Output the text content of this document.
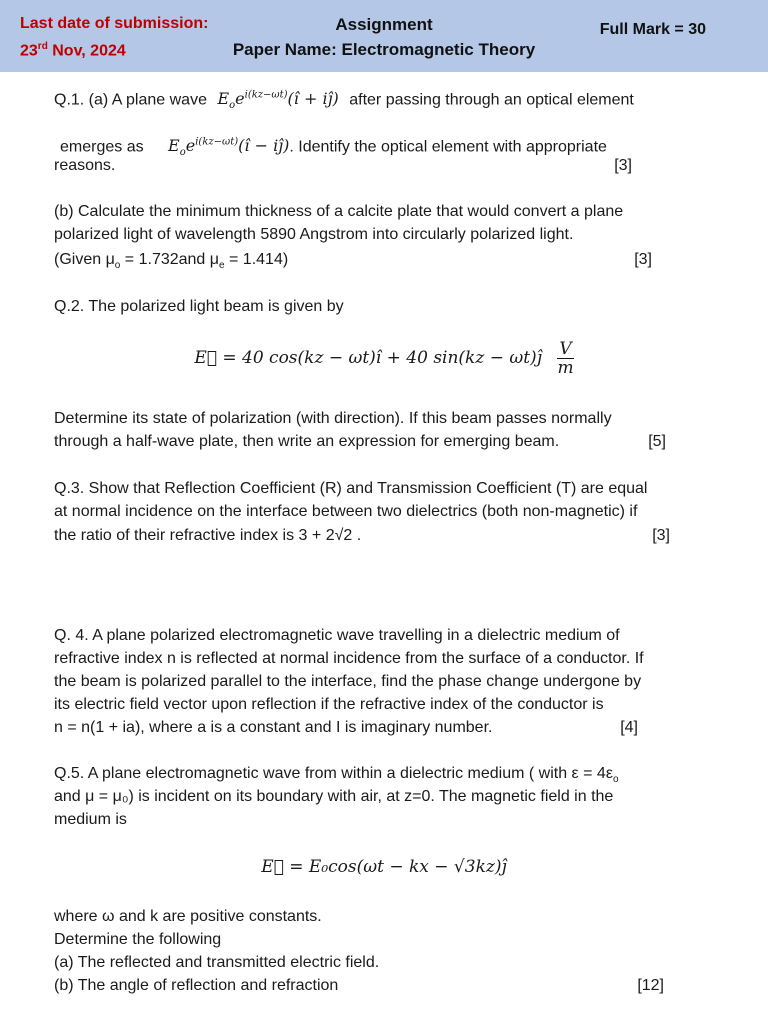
Last date of submission:
23rd Nov, 2024
Assignment
Paper Name: Electromagnetic Theory
Full Mark = 30
Q.1. (a) A plane wave $E_oe^{i(kz-\omega t)}(î$ + iĵ) after passing through an optical element
emerges as $E_oe^{i(kz-\omega t)}(î$ − iĵ). Identify the optical element with appropriate
reasons.	[3]
(b) Calculate the minimum thickness of a calcite plate that would convert a plane
polarized light of wavelength 5890 Angstrom into circularly polarized light.
(Given $\mu_o = 1.732and$ $\mu_e = 1.414$)	[3]
Q.2. The polarized light beam is given by
E⃗ = 40 cos(kz − ωt)î + 40 sin(kz − ωt)ĵ $\frac{V}{m}$
Determine its state of polarization (with direction). If this beam passes normally
through a half-wave plate, then write an expression for emerging beam.	[5]
Q.3. Show that Reflection Coefficient (R) and Transmission Coefficient (T) are equal
at normal incidence on the interface between two dielectrics (both non-magnetic) if
the ratio of their refractive index is 3 + 2√2 .	[3]
Q. 4. A plane polarized electromagnetic wave travelling in a dielectric medium of
refractive index n is reflected at normal incidence from the surface of a conductor. If
the beam is polarized parallel to the interface, find the phase change undergone by
its electric field vector upon reflection if the refractive index of the conductor is
n = n(1 + ia), where a is a constant and I is imaginary number.	[4]
Q.5. A plane electromagnetic wave from within a dielectric medium ( with $\varepsilon = 4\varepsilon_o$
and μ = μ₀) is incident on its boundary with air, at z=0. The magnetic field in the
medium is
E⃗ = E₀cos(ωt − kx − √3kz)ĵ
where ω and k are positive constants.
Determine the following
(a) The reflected and transmitted electric field.
(b) The angle of reflection and refraction	[12]
